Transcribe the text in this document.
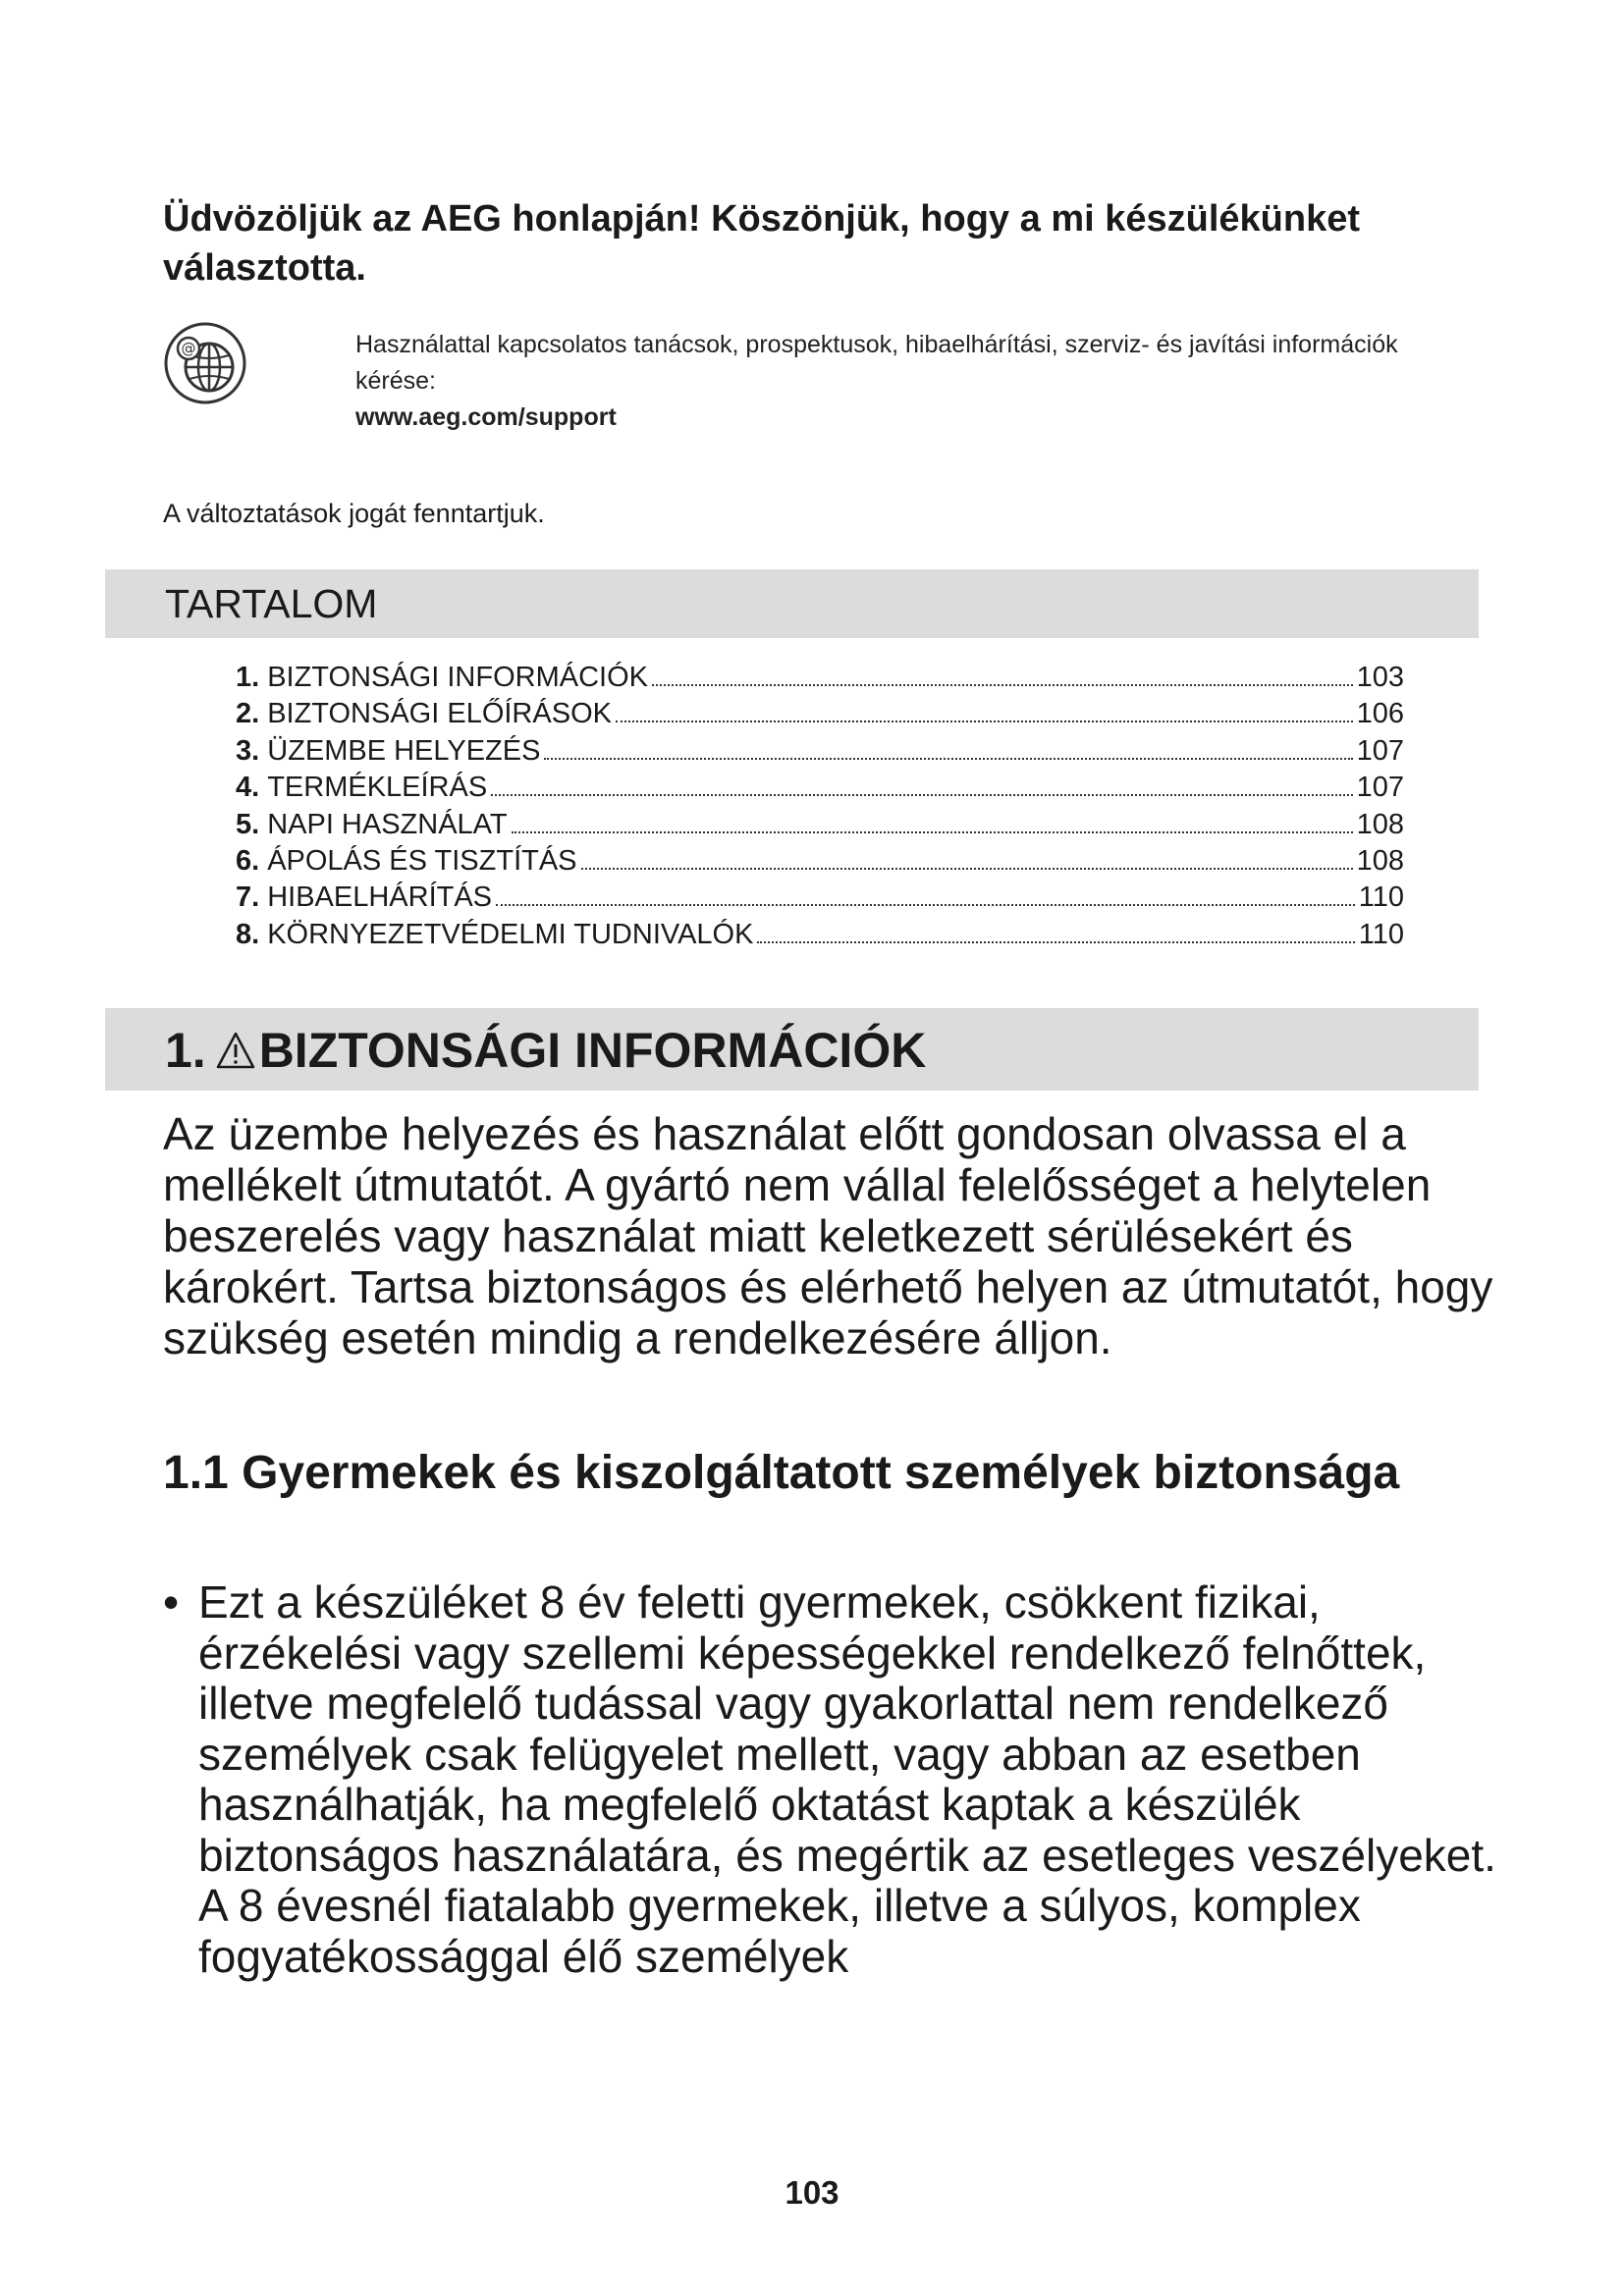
Üdvözöljük az AEG honlapján! Köszönjük, hogy a mi készülékünket választotta.
@	Használattal kapcsolatos tanácsok, prospektusok, hibaelhárítási, szerviz- és javítási információk kérése:
www.aeg.com/support
A változtatások jogát fenntartjuk.
TARTALOM
1. BIZTONSÁGI INFORMÁCIÓK	103
2. BIZTONSÁGI ELŐÍRÁSOK	106
3. ÜZEMBE HELYEZÉS	107
4. TERMÉKLEÍRÁS	107
5. NAPI HASZNÁLAT	108
6. ÁPOLÁS ÉS TISZTÍTÁS	108
7. HIBAELHÁRÍTÁS	110
8. KÖRNYEZETVÉDELMI TUDNIVALÓK	110
1. BIZTONSÁGI INFORMÁCIÓK

Az üzembe helyezés és használat előtt gondosan olvassa el a mellékelt útmutatót. A gyártó nem vállal felelősséget a helytelen beszerelés vagy használat miatt keletkezett sérülésekért és károkért. Tartsa biztonságos és elérhető helyen az útmutatót, hogy szükség esetén mindig a rendelkezésére álljon.

1.1 Gyermekek és kiszolgáltatott személyek biztonsága

• Ezt a készüléket 8 év feletti gyermekek, csökkent fizikai, érzékelési vagy szellemi képességekkel rendelkező felnőttek, illetve megfelelő tudással vagy gyakorlattal nem rendelkező személyek csak felügyelet mellett, vagy abban az esetben használhatják, ha megfelelő oktatást kaptak a készülék biztonságos használatára, és megértik az esetleges veszélyeket. A 8 évesnél fiatalabb gyermekek, illetve a súlyos, komplex fogyatékossággal élő személyek

103
